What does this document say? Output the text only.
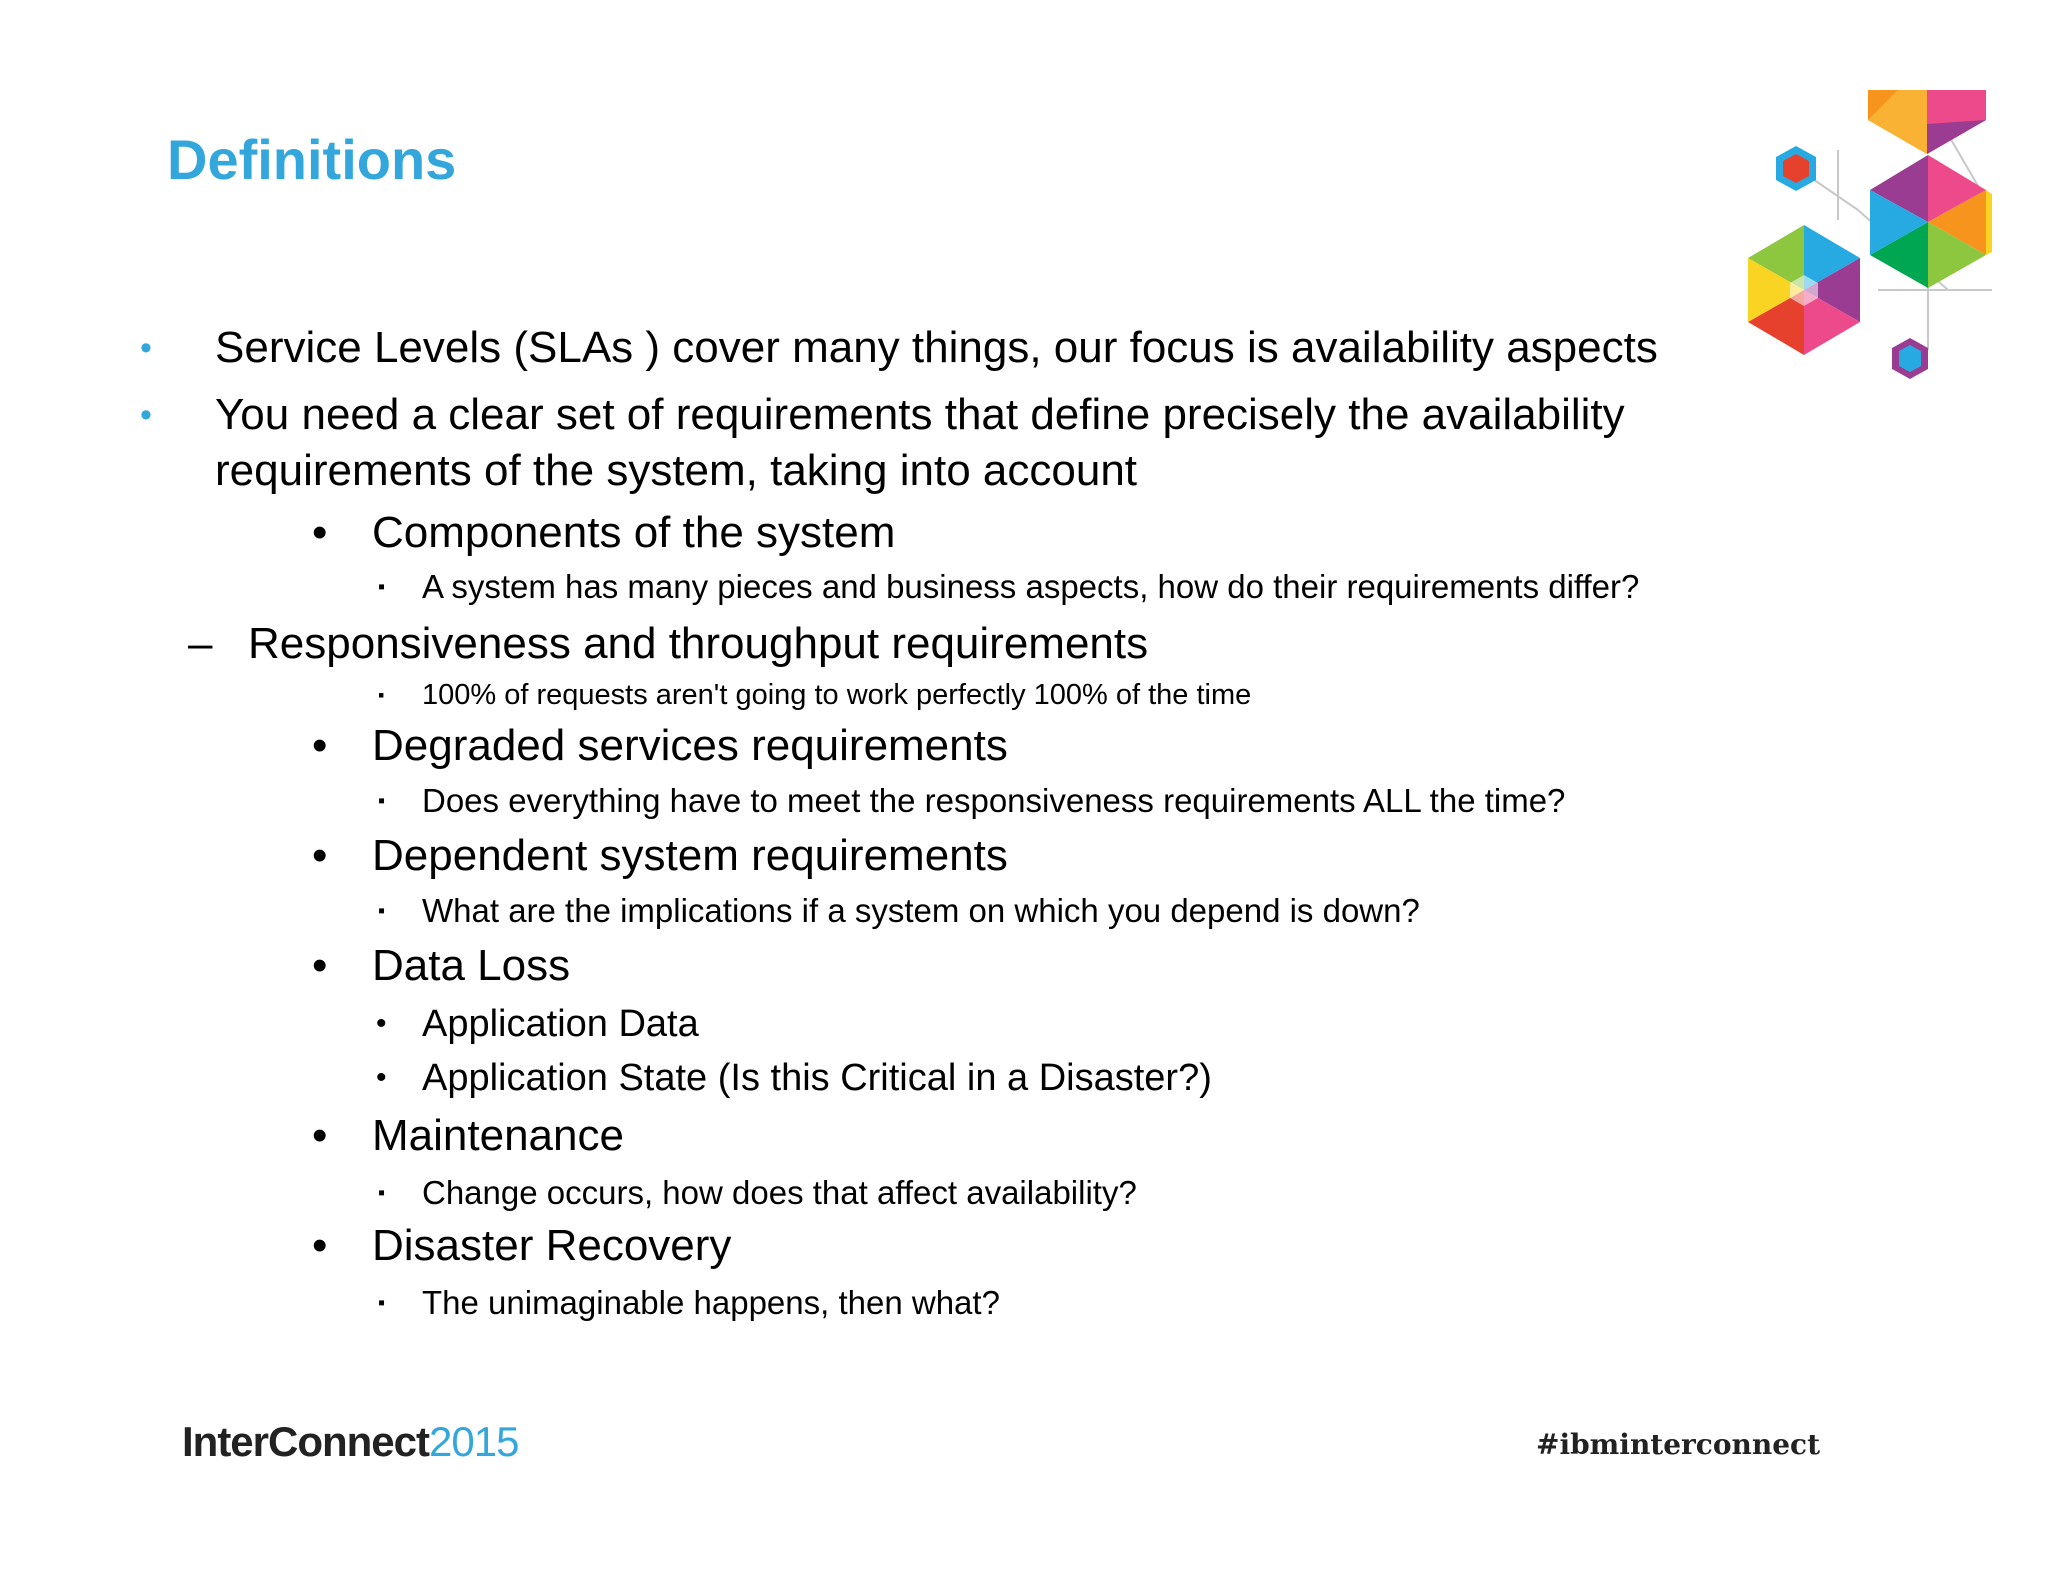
Definitions
• Service Levels (SLAs ) cover many things, our focus is availability aspects
• You need a clear set of requirements that define precisely the availability
requirements of the system, taking into account
• Components of the system
▪ A system has many pieces and business aspects, how do their requirements differ?
– Responsiveness and throughput requirements
▪ 100% of requests aren't going to work perfectly 100% of the time
• Degraded services requirements
▪ Does everything have to meet the responsiveness requirements ALL the time?
• Dependent system requirements
▪ What are the implications if a system on which you depend is down?
• Data Loss
• Application Data
• Application State (Is this Critical in a Disaster?)
• Maintenance
▪ Change occurs, how does that affect availability?
• Disaster Recovery
▪ The unimaginable happens, then what?
InterConnect2015	#ibminterconnect
